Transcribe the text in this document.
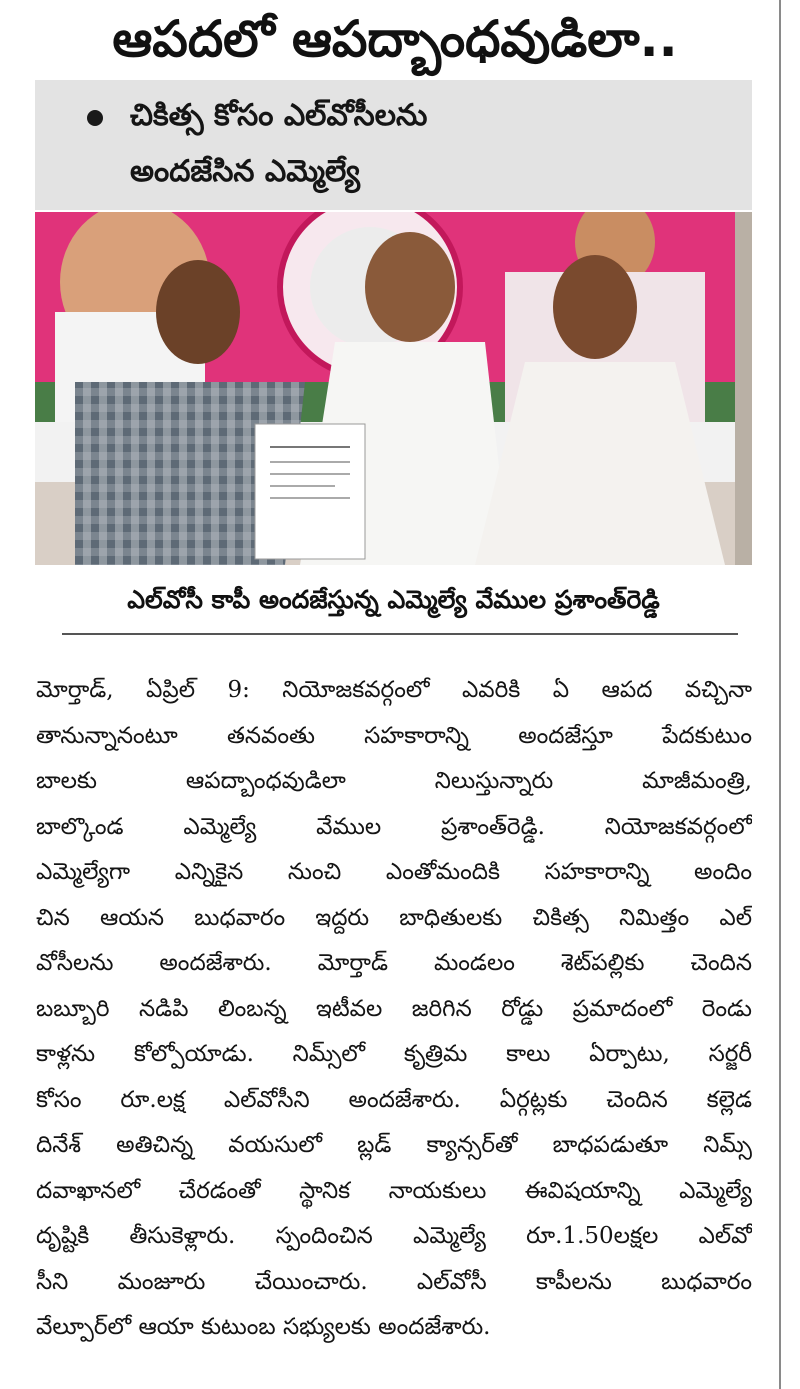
ఆపదలో ఆపద్బాంధవుడిలా..
చికిత్స కోసం ఎల్‌వోసీలను
అందజేసిన ఎమ్మెల్యే
ఎల్‌వోసీ కాపీ అందజేస్తున్న ఎమ్మెల్యే వేముల ప్రశాంత్‌రెడ్డి
మోర్తాడ్, ఏప్రిల్ 9: నియోజకవర్గంలో ఎవరికి ఏ ఆపద వచ్చినా
తానున్నానంటూ తనవంతు సహకారాన్ని అందజేస్తూ పేదకుటుం
బాలకు ఆపద్బాంధవుడిలా నిలుస్తున్నారు మాజీమంత్రి,
బాల్కొండ ఎమ్మెల్యే వేముల ప్రశాంత్‌రెడ్డి. నియోజకవర్గంలో
ఎమ్మెల్యేగా ఎన్నికైన నుంచి ఎంతోమందికి సహకారాన్ని అందిం
చిన ఆయన బుధవారం ఇద్దరు బాధితులకు చికిత్స నిమిత్తం ఎల్
వోసీలను అందజేశారు. మోర్తాడ్ మండలం శెట్‌పల్లికు చెందిన
బబ్బూరి నడిపి లింబన్న ఇటీవల జరిగిన రోడ్డు ప్రమాదంలో రెండు
కాళ్లను కోల్పోయాడు. నిమ్స్‌లో కృత్రిమ కాలు ఏర్పాటు, సర్జరీ
కోసం రూ.లక్ష ఎల్‌వోసీని అందజేశారు. ఏర్గట్లకు చెందిన కల్లెడ
దినేశ్ అతిచిన్న వయసులో బ్లడ్ క్యాన్సర్‌తో బాధపడుతూ నిమ్స్
దవాఖానలో చేరడంతో స్థానిక నాయకులు ఈవిషయాన్ని ఎమ్మెల్యే
దృష్టికి తీసుకెళ్లారు. స్పందించిన ఎమ్మెల్యే రూ.1.50లక్షల ఎల్‌వో
సీని మంజూరు చేయించారు. ఎల్‌వోసీ కాపీలను బుధవారం
వేల్పూర్‌లో ఆయా కుటుంబ సభ్యులకు అందజేశారు.
